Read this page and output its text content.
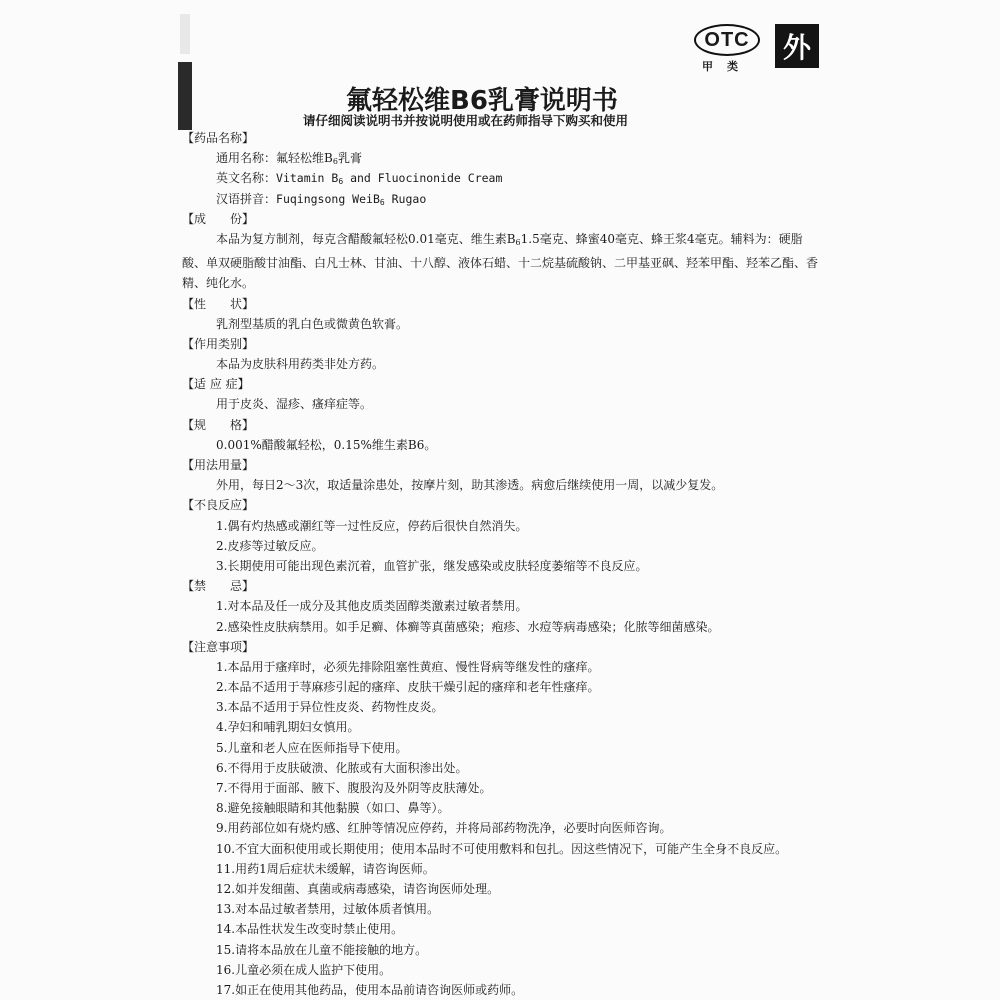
OTC
甲类
外
氟轻松维B6乳膏说明书
请仔细阅读说明书并按说明使用或在药师指导下购买和使用
【药品名称】
通用名称：氟轻松维$B_6$乳膏
英文名称：Vitamin $B_6$ and Fluocinonide Cream
汉语拼音：Fuqingsong WeiB$_6$ Rugao
【成　　份】
本品为复方制剂，每克含醋酸氟轻松0.01毫克、维生素$B_61.5$毫克、蜂蜜40毫克、蜂王浆4毫克。辅料为：硬脂酸、单双硬脂酸甘油酯、白凡士林、甘油、十八醇、液体石蜡、十二烷基硫酸钠、二甲基亚砜、羟苯甲酯、羟苯乙酯、香精、纯化水。
【性　　状】
乳剂型基质的乳白色或微黄色软膏。
【作用类别】
本品为皮肤科用药类非处方药。
【适 应 症】
用于皮炎、湿疹、瘙痒症等。
【规　　格】
0.001%醋酸氟轻松，0.15%维生素B6。
【用法用量】
外用，每日2～3次，取适量涂患处，按摩片刻，助其渗透。病愈后继续使用一周，以减少复发。
【不良反应】
1.偶有灼热感或潮红等一过性反应，停药后很快自然消失。
2.皮疹等过敏反应。
3.长期使用可能出现色素沉着，血管扩张，继发感染或皮肤轻度萎缩等不良反应。
【禁　　忌】
1.对本品及任一成分及其他皮质类固醇类激素过敏者禁用。
2.感染性皮肤病禁用。如手足癣、体癣等真菌感染；疱疹、水痘等病毒感染；化脓等细菌感染。
【注意事项】
1.本品用于瘙痒时，必须先排除阻塞性黄疸、慢性肾病等继发性的瘙痒。
2.本品不适用于荨麻疹引起的瘙痒、皮肤干燥引起的瘙痒和老年性瘙痒。
3.本品不适用于异位性皮炎、药物性皮炎。
4.孕妇和哺乳期妇女慎用。
5.儿童和老人应在医师指导下使用。
6.不得用于皮肤破溃、化脓或有大面积渗出处。
7.不得用于面部、腋下、腹股沟及外阴等皮肤薄处。
8.避免接触眼睛和其他黏膜（如口、鼻等）。
9.用药部位如有烧灼感、红肿等情况应停药，并将局部药物洗净，必要时向医师咨询。
10.不宜大面积使用或长期使用；使用本品时不可使用敷料和包扎。因这些情况下，可能产生全身不良反应。
11.用药1周后症状未缓解，请咨询医师。
12.如并发细菌、真菌或病毒感染，请咨询医师处理。
13.对本品过敏者禁用，过敏体质者慎用。
14.本品性状发生改变时禁止使用。
15.请将本品放在儿童不能接触的地方。
16.儿童必须在成人监护下使用。
17.如正在使用其他药品，使用本品前请咨询医师或药师。
